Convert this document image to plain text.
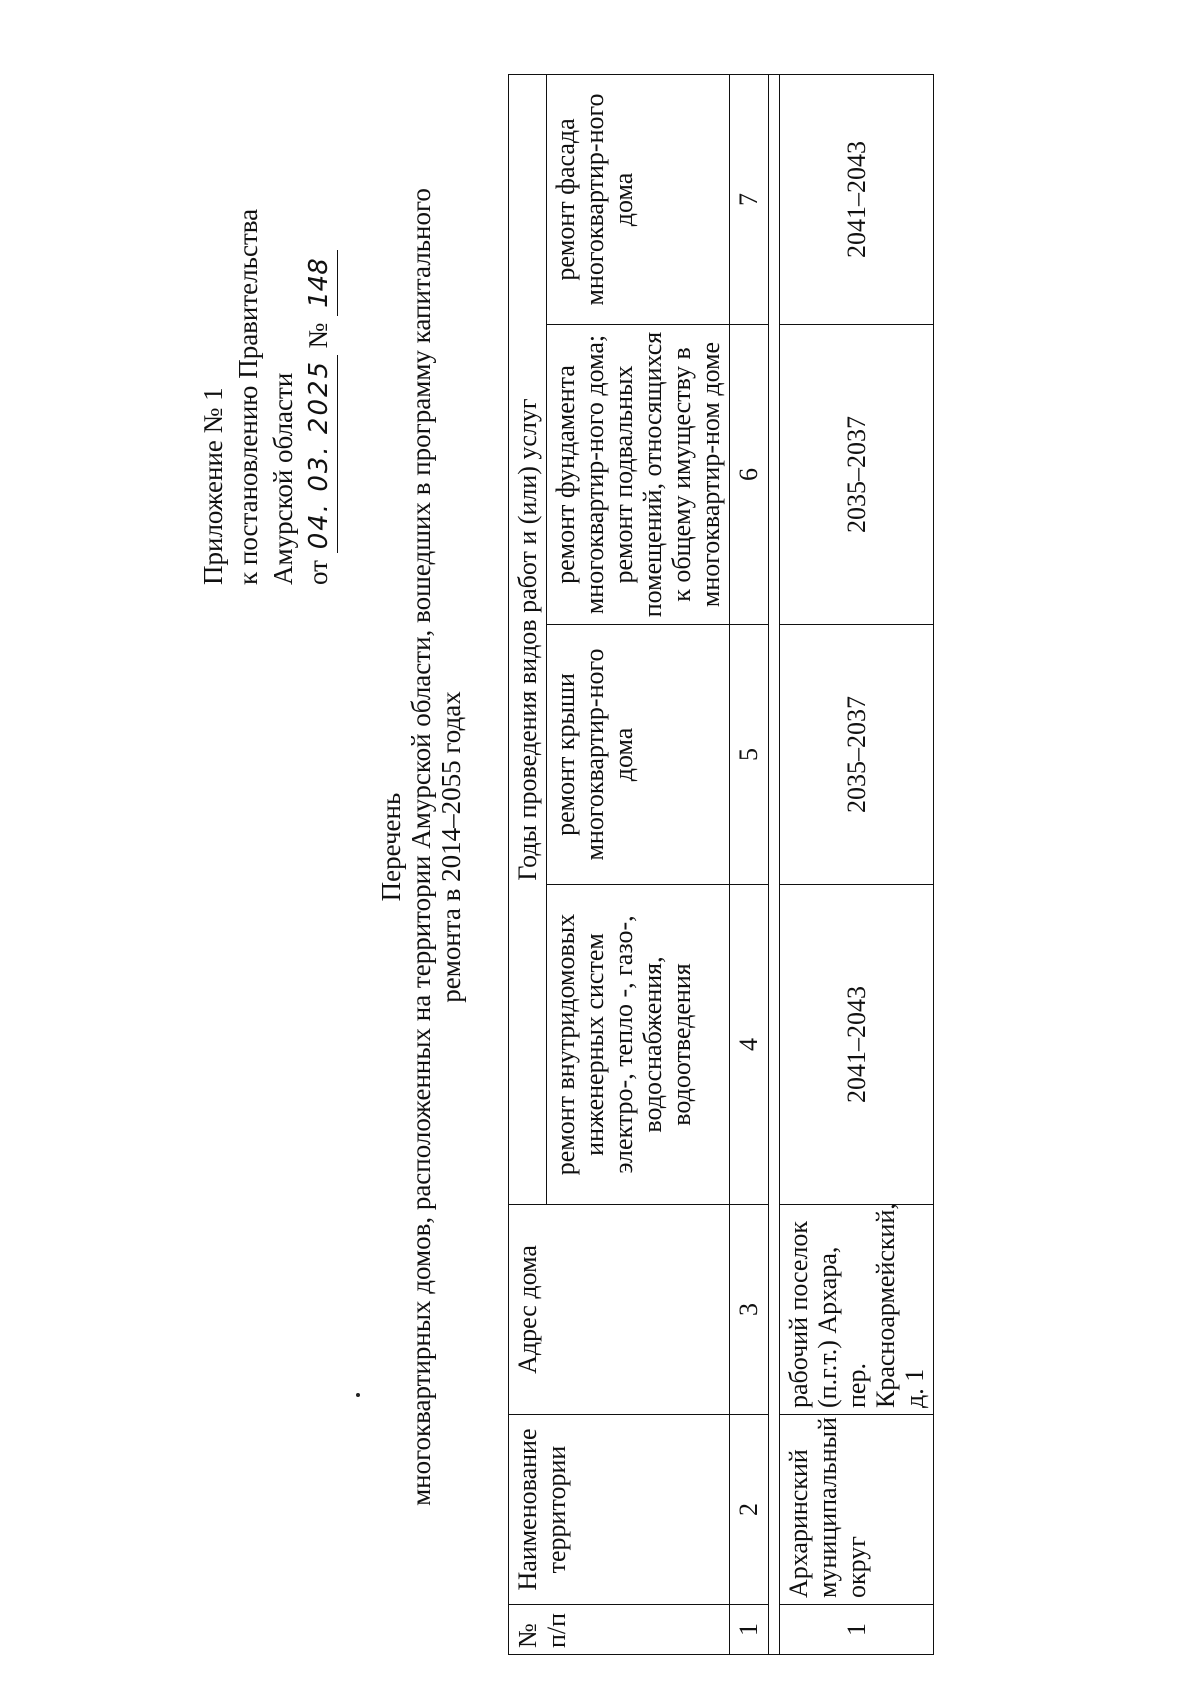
Приложение № 1 к постановлению Правительства Амурской области от 04. 03. 2025 № 148
Перечень многоквартирных домов, расположенных на территории Амурской области, вошедших в программу капитального ремонта в 2014–2055 годах
№ п/п	Наименование территории	Адрес дома	Годы проведения видов работ и (или) услуг			
			ремонт внутридомовых инженерных систем электро-, тепло -, газо-, водоснабжения, водоотведения	ремонт крыши многоквартир-ного дома	ремонт фундамента многоквартир-ного дома; ремонт подвальных помещений, относящихся к общему имуществу в многоквартир-ном доме	ремонт фасада многоквартир-ного дома
1	2	3	4	5	6	7

1	Архаринский муниципальный округ	рабочий поселок (п.г.т.) Архара, пер. Красноармейский, д. 1	2041–2043	2035–2037	2035–2037	2041–2043
